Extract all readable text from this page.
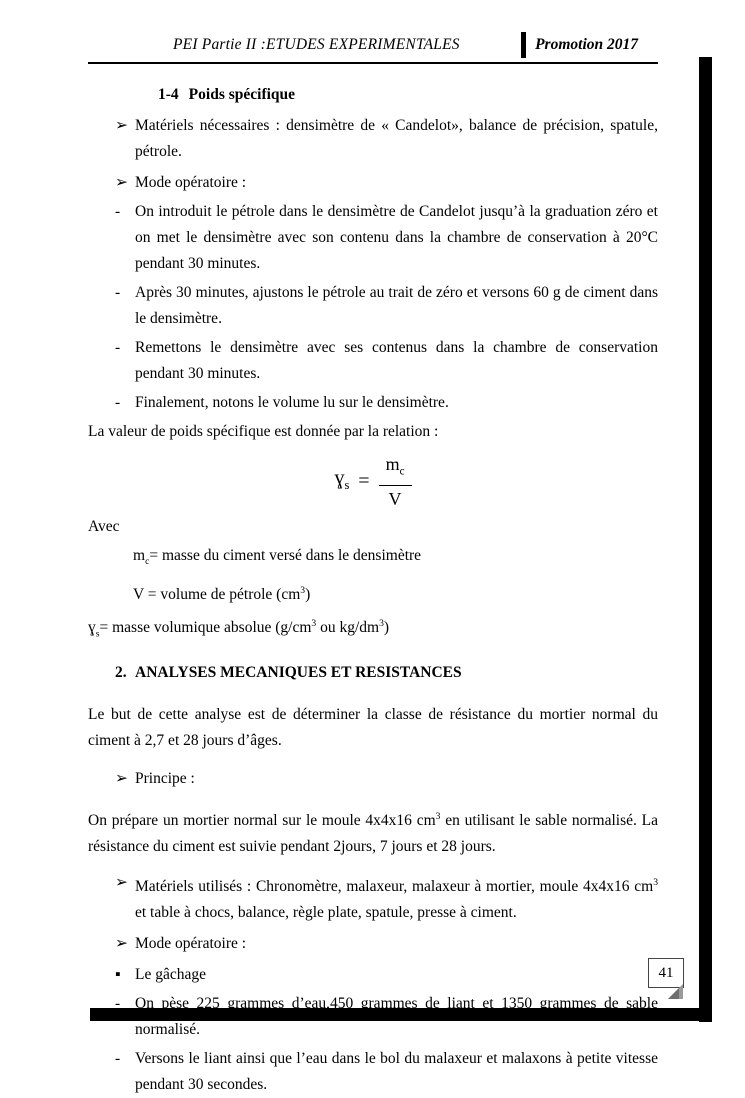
PEI Partie II :ETUDES EXPERIMENTALES	Promotion 2017

1-4 Poids spécifique

➢ Matériels nécessaires : densimètre de « Candelot», balance de précision, spatule, pétrole.
➢ Mode opératoire :
- On introduit le pétrole dans le densimètre de Candelot jusqu’à la graduation zéro et on met le densimètre avec son contenu dans la chambre de conservation à 20°C pendant 30 minutes.
- Après 30 minutes, ajustons le pétrole au trait de zéro et versons 60 g de ciment dans le densimètre.
- Remettons le densimètre avec ses contenus dans la chambre de conservation pendant 30 minutes.
- Finalement, notons le volume lu sur le densimètre.

La valeur de poids spécifique est donnée par la relation :

ɣ$_s$ = $\frac{m_c}{V}$

Avec

$m_c=$ masse du ciment versé dans le densimètre

V = volume de pétrole $(cm^3)$

ɣ$_s$= masse volumique absolue ($g/cm^3$ ou $kg/dm^3$)

2. ANALYSES MECANIQUES ET RESISTANCES

Le but de cette analyse est de déterminer la classe de résistance du mortier normal du ciment à 2,7 et 28 jours d’âges.

➢ Principe :

On prépare un mortier normal sur le moule 4x4x16 $cm^3$ en utilisant le sable normalisé. La résistance du ciment est suivie pendant 2jours, 7 jours et 28 jours.

➢ Matériels utilisés : Chronomètre, malaxeur, malaxeur à mortier, moule 4x4x16 $cm^3$ et table à chocs, balance, règle plate, spatule, presse à ciment.
➢ Mode opératoire :
▪ Le gâchage
- On pèse 225 grammes d’eau,450 grammes de liant et 1350 grammes de sable normalisé.
- Versons le liant ainsi que l’eau dans le bol du malaxeur et malaxons à petite vitesse pendant 30 secondes.
41
